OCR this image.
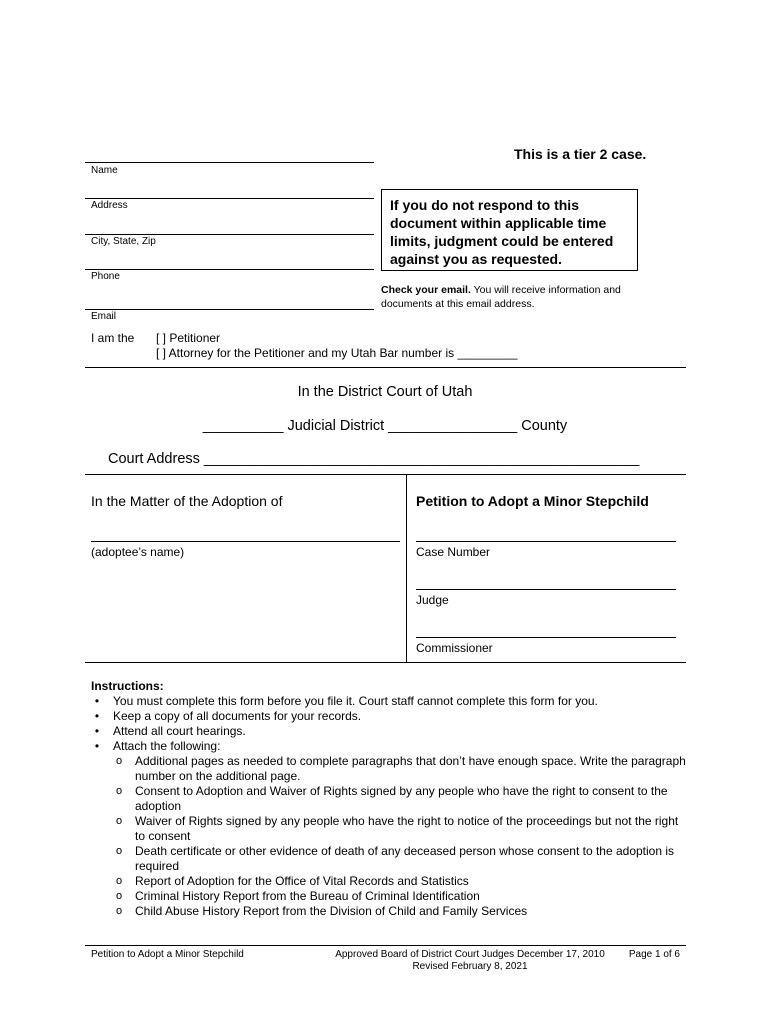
This is a tier 2 case.
Name
Address
City, State, Zip
Phone
Email
If you do not respond to this document within applicable time limits, judgment could be entered against you as requested.
Check your email. You will receive information and documents at this email address.
I am the [ ] Petitioner
[ ] Attorney for the Petitioner and my Utah Bar number is _________
In the District Court of Utah
__________ Judicial District ________________ County
Court Address ______________________________________________________
In the Matter of the Adoption of	Petition to Adopt a Minor Stepchild
(adoptee’s name)	Case Number
Judge
Commissioner
Instructions:
•	You must complete this form before you file it. Court staff cannot complete this form for you.
•	Keep a copy of all documents for your records.
•	Attend all court hearings.
•	Attach the following:
o Additional pages as needed to complete paragraphs that don’t have enough space. Write the paragraph number on the additional page.
o Consent to Adoption and Waiver of Rights signed by any people who have the right to consent to the adoption
o Waiver of Rights signed by any people who have the right to notice of the proceedings but not the right to consent
o Death certificate or other evidence of death of any deceased person whose consent to the adoption is required
o Report of Adoption for the Office of Vital Records and Statistics
o Criminal History Report from the Bureau of Criminal Identification
o Child Abuse History Report from the Division of Child and Family Services
Petition to Adopt a Minor Stepchild	Approved Board of District Court Judges December 17, 2010
Revised February 8, 2021
Page 1 of 6
